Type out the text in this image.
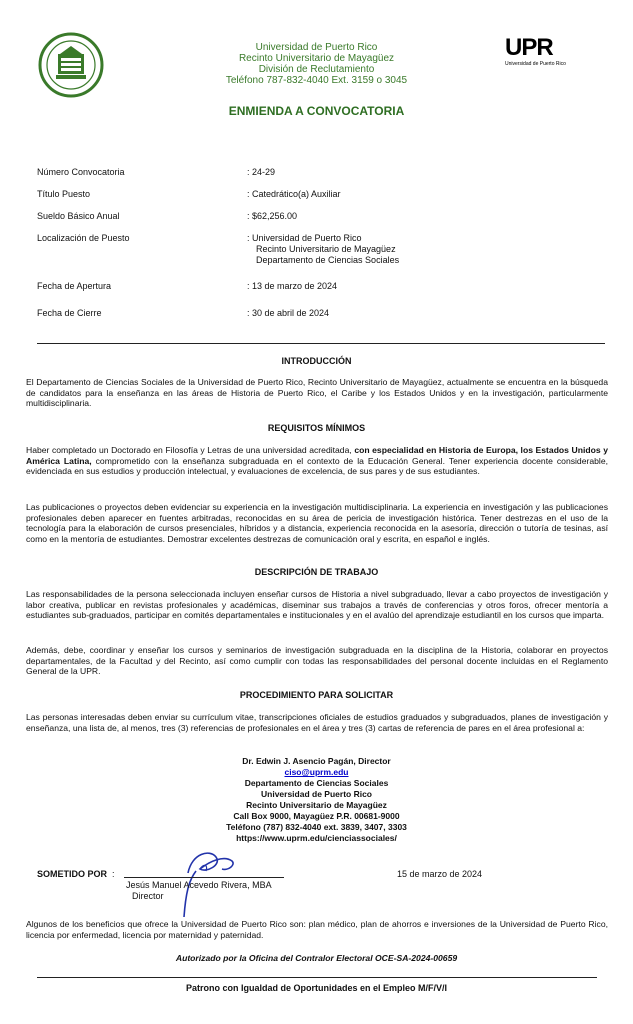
Universidad de Puerto Rico
Recinto Universitario de Mayagüez
División de Reclutamiento
Teléfono 787-832-4040 Ext. 3159 o 3045
UPR
Universidad de Puerto Rico
ENMIENDA A CONVOCATORIA
Número Convocatoria	: 24-29
Título Puesto	: Catedrático(a) Auxiliar
Sueldo Básico Anual	: $62,256.00
Localización de Puesto	: Universidad de Puerto Rico
Recinto Universitario de Mayagüez
Departamento de Ciencias Sociales
Fecha de Apertura	: 13 de marzo de 2024
Fecha de Cierre	: 30 de abril de 2024
INTRODUCCIÓN
El Departamento de Ciencias Sociales de la Universidad de Puerto Rico, Recinto Universitario de Mayagüez, actualmente se encuentra en la búsqueda de candidatos para la enseñanza en las áreas de Historia de Puerto Rico, el Caribe y los Estados Unidos y en la investigación, particularmente multidisciplinaria.
REQUISITOS MÍNIMOS
Haber completado un Doctorado en Filosofía y Letras de una universidad acreditada, con especialidad en Historia de Europa, los Estados Unidos y América Latina, comprometido con la enseñanza subgraduada en el contexto de la Educación General. Tener experiencia docente considerable, evidenciada en sus estudios y producción intelectual, y evaluaciones de excelencia, de sus pares y de sus estudiantes.
Las publicaciones o proyectos deben evidenciar su experiencia en la investigación multidisciplinaria. La experiencia en investigación y las publicaciones profesionales deben aparecer en fuentes arbitradas, reconocidas en su área de pericia de investigación histórica. Tener destrezas en el uso de la tecnología para la elaboración de cursos presenciales, híbridos y a distancia, experiencia reconocida en la asesoría, dirección o tutoría de tesinas, así como en la mentoría de estudiantes. Demostrar excelentes destrezas de comunicación oral y escrita, en español e inglés.
DESCRIPCIÓN DE TRABAJO
Las responsabilidades de la persona seleccionada incluyen enseñar cursos de Historia a nivel subgraduado, llevar a cabo proyectos de investigación y labor creativa, publicar en revistas profesionales y académicas, diseminar sus trabajos a través de conferencias y otros foros, ofrecer mentoría a estudiantes sub-graduados, participar en comités departamentales e institucionales y en el avalúo del aprendizaje estudiantil en los cursos que imparta.
Además, debe, coordinar y enseñar los cursos y seminarios de investigación subgraduada en la disciplina de la Historia, colaborar en proyectos departamentales, de la Facultad y del Recinto, así como cumplir con todas las responsabilidades del personal docente incluidas en el Reglamento General de la UPR.
PROCEDIMIENTO PARA SOLICITAR
Las personas interesadas deben enviar su currículum vitae, transcripciones oficiales de estudios graduados y subgraduados, planes de investigación y enseñanza, una lista de, al menos, tres (3) referencias de profesionales en el área y tres (3) cartas de referencia de pares en el área profesional a:
Dr. Edwin J. Asencio Pagán, Director
ciso@uprm.edu
Departamento de Ciencias Sociales
Universidad de Puerto Rico
Recinto Universitario de Mayagüez
Call Box 9000, Mayagüez P.R. 00681-9000
Teléfono (787) 832-4040 ext. 3839, 3407, 3303
https://www.uprm.edu/cienciassociales/
SOMETIDO POR :
Jesús Manuel Acevedo Rivera, MBA
Director
15 de marzo de 2024
Algunos de los beneficios que ofrece la Universidad de Puerto Rico son: plan médico, plan de ahorros e inversiones de la Universidad de Puerto Rico, licencia por enfermedad, licencia por maternidad y paternidad.
Autorizado por la Oficina del Contralor Electoral OCE-SA-2024-00659
Patrono con Igualdad de Oportunidades en el Empleo M/F/V/I
